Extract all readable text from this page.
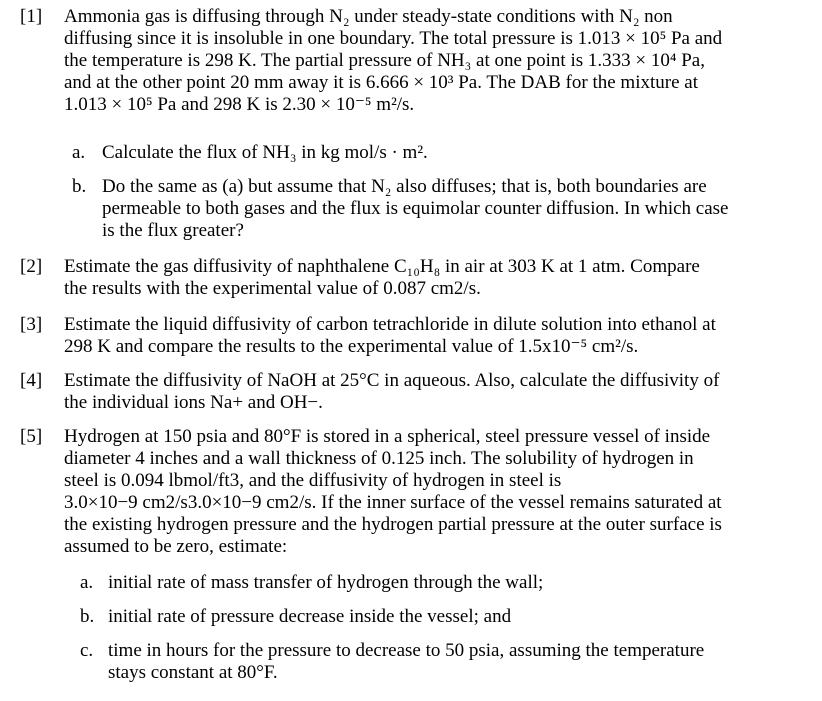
[1] Ammonia gas is diffusing through N₂ under steady-state conditions with N₂ non
diffusing since it is insoluble in one boundary. The total pressure is 1.013 × 10⁵ Pa and
the temperature is 298 K. The partial pressure of NH₃ at one point is 1.333 × 10⁴ Pa,
and at the other point 20 mm away it is 6.666 × 10³ Pa. The DAB for the mixture at
1.013 × 10⁵ Pa and 298 K is 2.30 × 10⁻⁵ m²/s.
a. Calculate the flux of NH₃ in kg mol/s · m².
b. Do the same as (a) but assume that N₂ also diffuses; that is, both boundaries are
permeable to both gases and the flux is equimolar counter diffusion. In which case
is the flux greater?
[2] Estimate the gas diffusivity of naphthalene C₁₀H₈ in air at 303 K at 1 atm. Compare
the results with the experimental value of 0.087 cm2/s.
[3] Estimate the liquid diffusivity of carbon tetrachloride in dilute solution into ethanol at
298 K and compare the results to the experimental value of 1.5x10⁻⁵ cm²/s.
[4] Estimate the diffusivity of NaOH at 25°C in aqueous. Also, calculate the diffusivity of
the individual ions Na+ and OH−.
[5] Hydrogen at 150 psia and 80°F is stored in a spherical, steel pressure vessel of inside
diameter 4 inches and a wall thickness of 0.125 inch. The solubility of hydrogen in
steel is 0.094 lbmol/ft3, and the diffusivity of hydrogen in steel is
3.0×10−9 cm2/s3.0×10−9 cm2/s. If the inner surface of the vessel remains saturated at
the existing hydrogen pressure and the hydrogen partial pressure at the outer surface is
assumed to be zero, estimate:
a. initial rate of mass transfer of hydrogen through the wall;
b. initial rate of pressure decrease inside the vessel; and
c. time in hours for the pressure to decrease to 50 psia, assuming the temperature
stays constant at 80°F.
